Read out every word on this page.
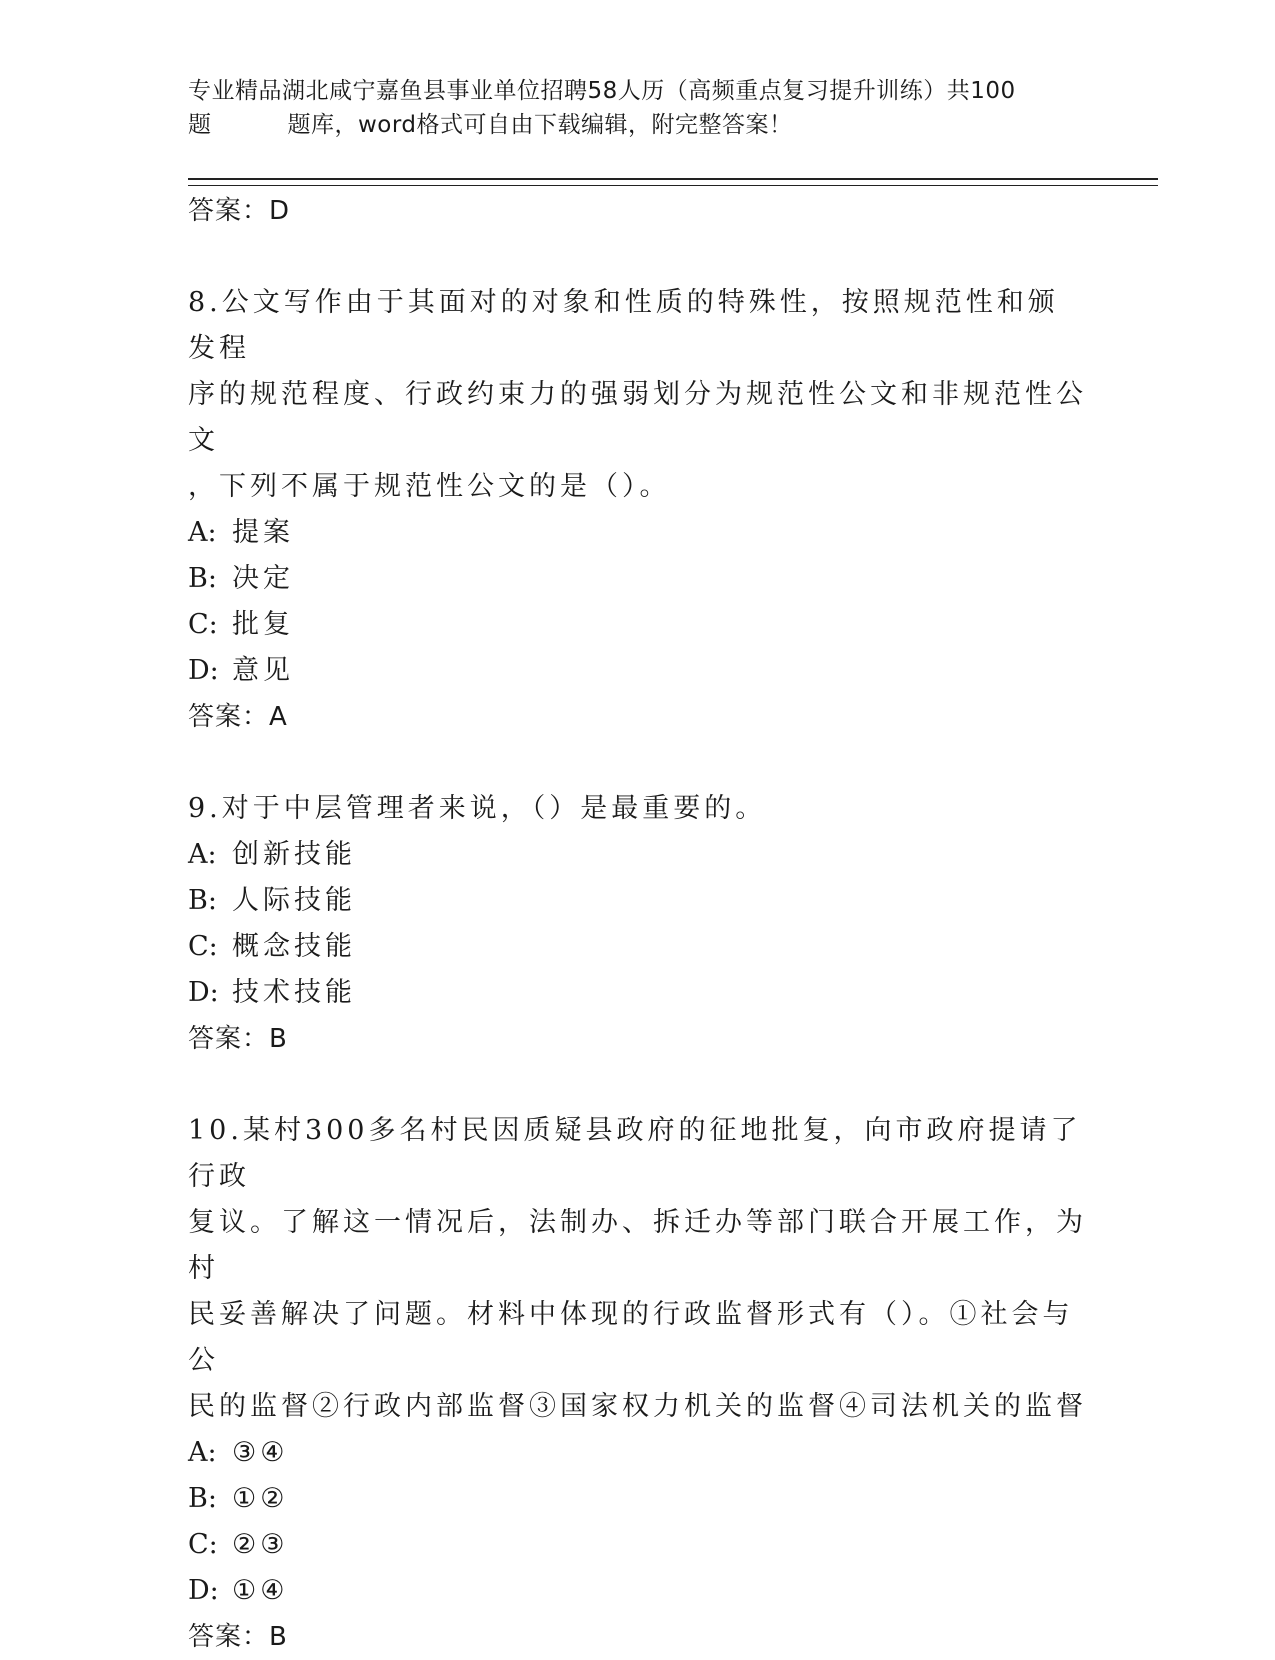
专业精品湖北咸宁嘉鱼县事业单位招聘58人历（高频重点复习提升训练）共100
题	题库，word格式可自由下载编辑，附完整答案！
答案：D

8.公文写作由于其面对的对象和性质的特殊性，按照规范性和颁发程

序的规范程度、行政约束力的强弱划分为规范性公文和非规范性公文

，下列不属于规范性公文的是（）。

A: 提案
B: 决定
C: 批复
D: 意见
答案：A

9.对于中层管理者来说，（）是最重要的。

A: 创新技能
B: 人际技能
C: 概念技能
D: 技术技能
答案：B

10.某村300多名村民因质疑县政府的征地批复，向市政府提请了行政

复议。了解这一情况后，法制办、拆迁办等部门联合开展工作，为村

民妥善解决了问题。材料中体现的行政监督形式有（）。①社会与公

民的监督②行政内部监督③国家权力机关的监督④司法机关的监督

A: ③④
B: ①②
C: ②③
D: ①④
答案：B
